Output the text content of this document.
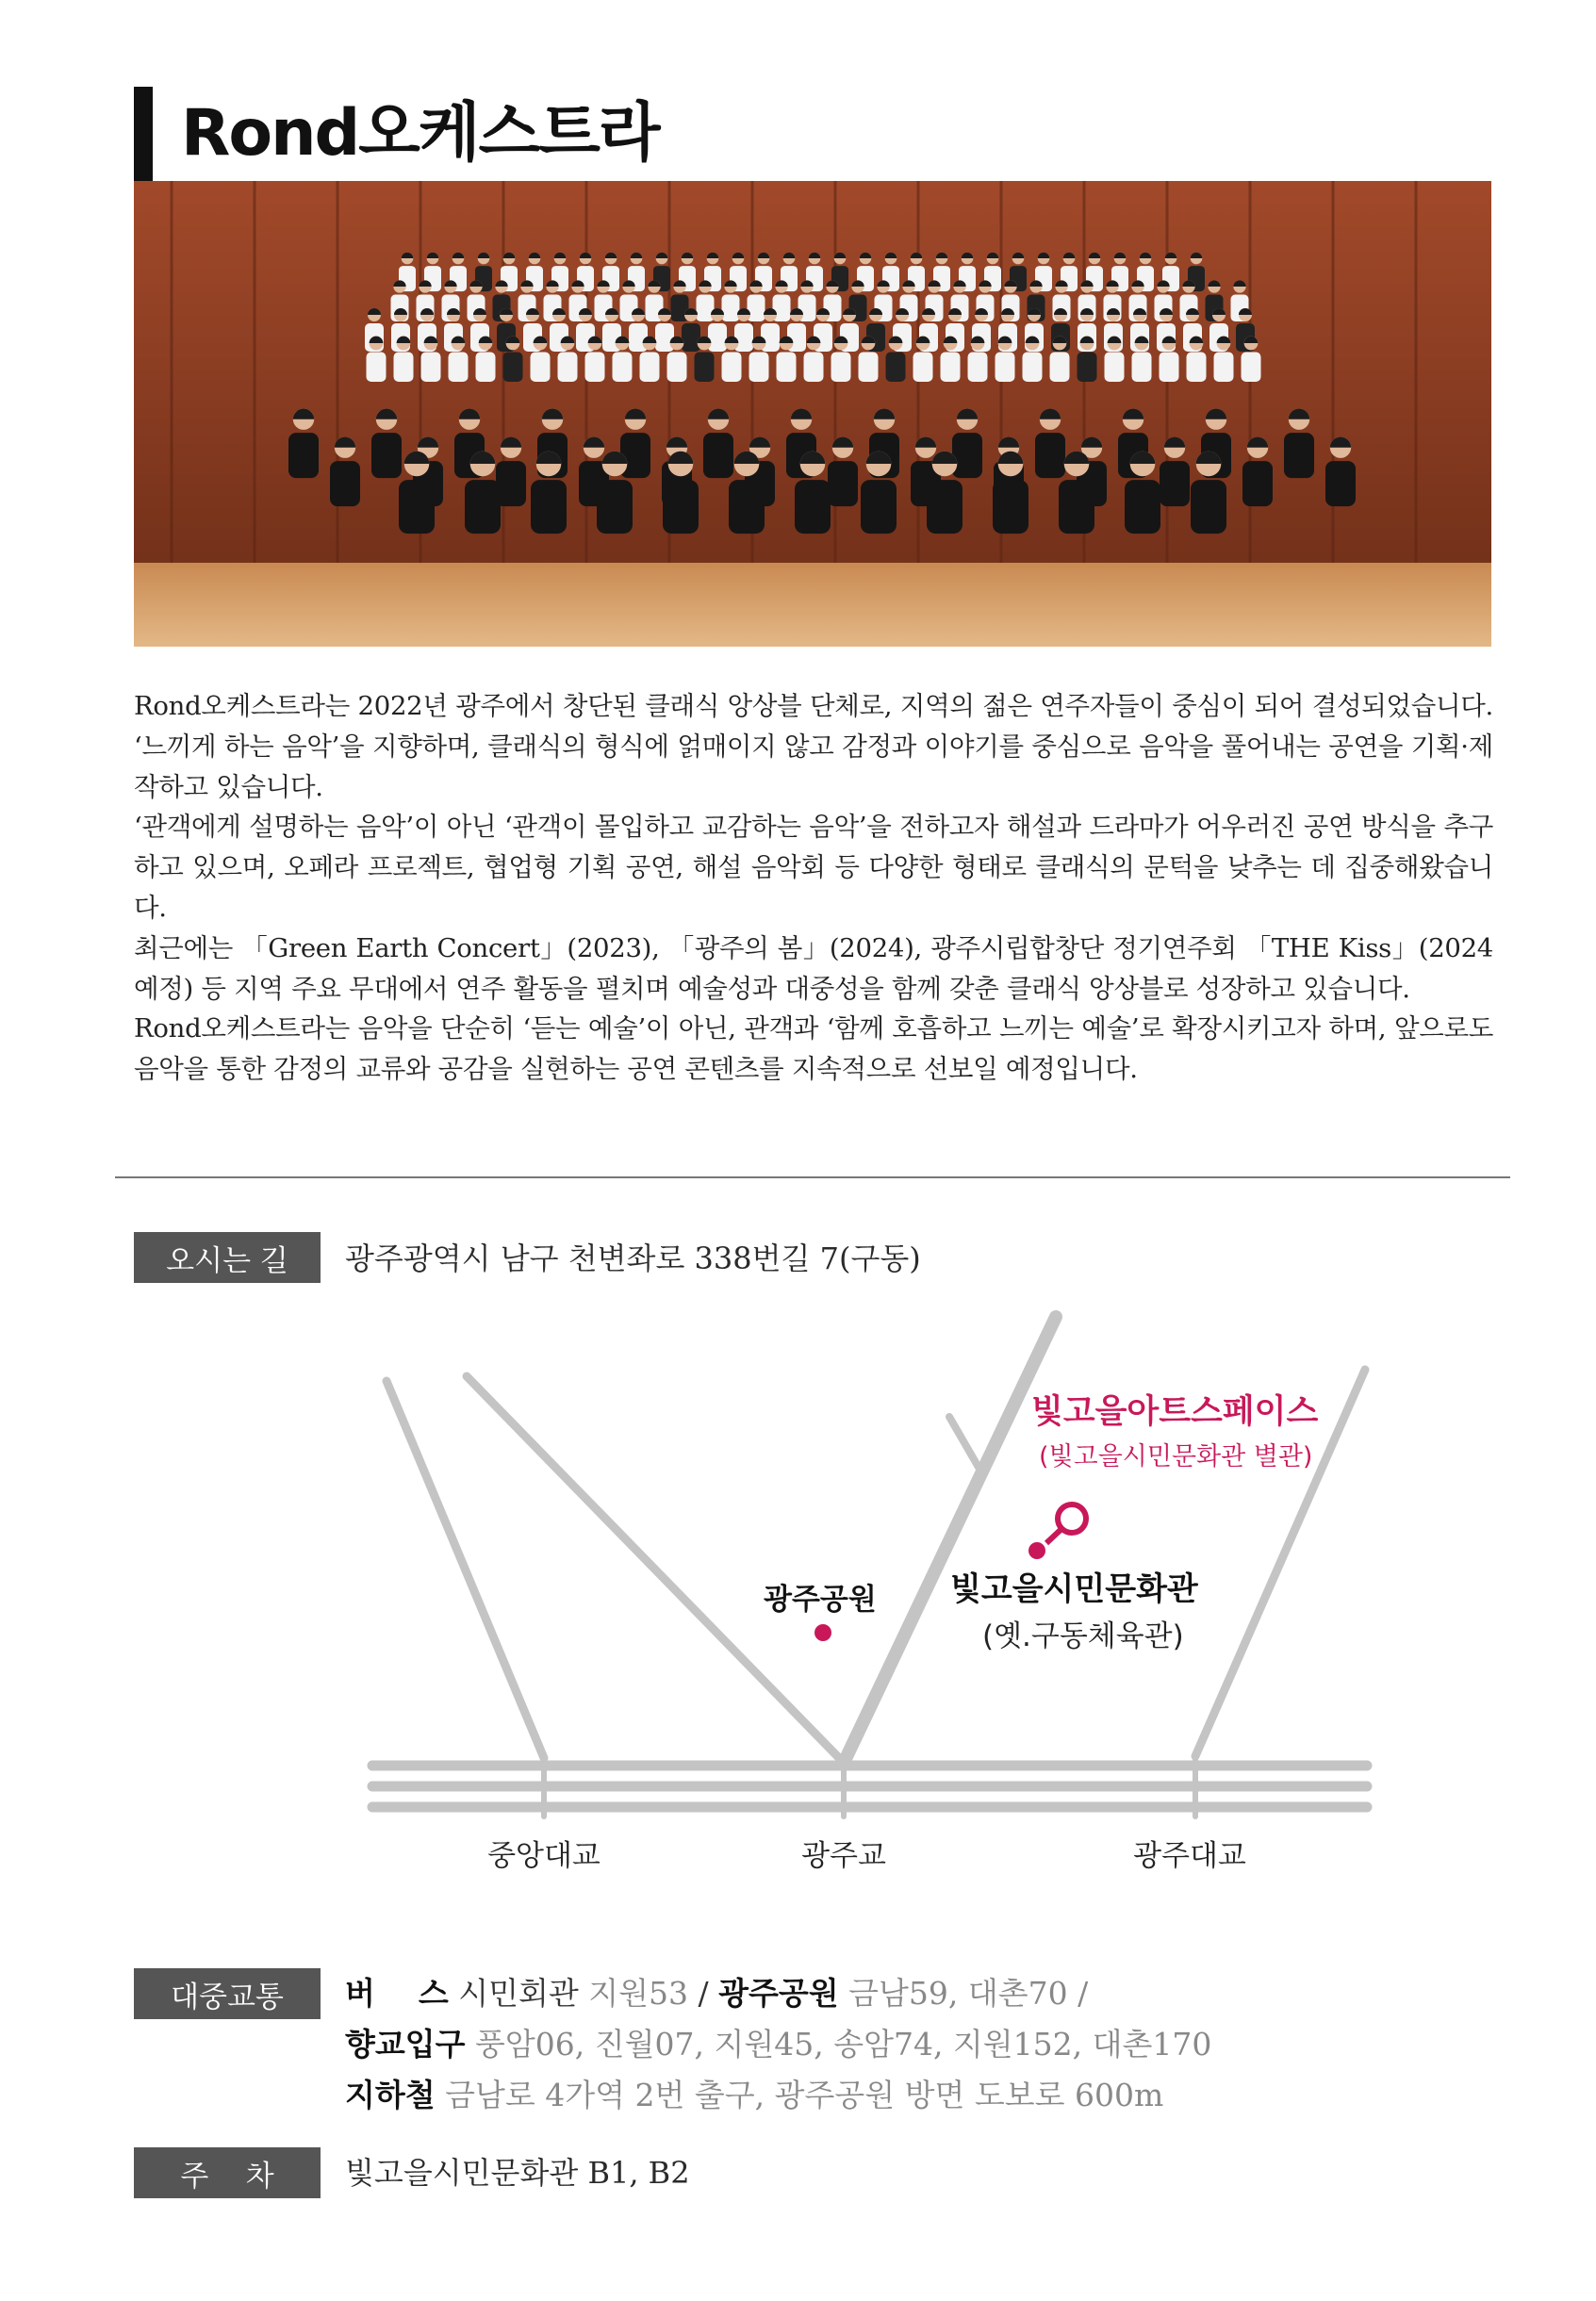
Rond오케스트라

Rond오케스트라는 2022년 광주에서 창단된 클래식 앙상블 단체로, 지역의 젊은 연주자들이 중심이 되어 결성되었습니다. ‘느끼게 하는 음악’을 지향하며, 클래식의 형식에 얽매이지 않고 감정과 이야기를 중심으로 음악을 풀어내는 공연을 기획·제작하고 있습니다.

‘관객에게 설명하는 음악’이 아닌 ‘관객이 몰입하고 교감하는 음악’을 전하고자 해설과 드라마가 어우러진 공연 방식을 추구하고 있으며, 오페라 프로젝트, 협업형 기획 공연, 해설 음악회 등 다양한 형태로 클래식의 문턱을 낮추는 데 집중해왔습니다.

최근에는 「Green Earth Concert」(2023), 「광주의 봄」(2024), 광주시립합창단 정기연주회 「THE Kiss」(2024 예정) 등 지역 주요 무대에서 연주 활동을 펼치며 예술성과 대중성을 함께 갖춘 클래식 앙상블로 성장하고 있습니다.

Rond오케스트라는 음악을 단순히 ‘듣는 예술’이 아닌, 관객과 ‘함께 호흡하고 느끼는 예술’로 확장시키고자 하며, 앞으로도 음악을 통한 감정의 교류와 공감을 실현하는 공연 콘텐츠를 지속적으로 선보일 예정입니다.

오시는 길	광주광역시 남구 천변좌로 338번길 7(구동)
빛고을아트스페이스
(빛고을시민문화관 별관)
광주공원 빛고을시민문화관
(옛.구동체육관)
중앙대교	광주교	광주대교
대중교통	버    스 시민회관 지원53 / 광주공원 금남59, 대촌70 /
향교입구 풍암06, 진월07, 지원45, 송암74, 지원152, 대촌170
지하철 금남로 4가역 2번 출구, 광주공원 방면 도보로 600m
주    차	빛고을시민문화관 B1, B2
